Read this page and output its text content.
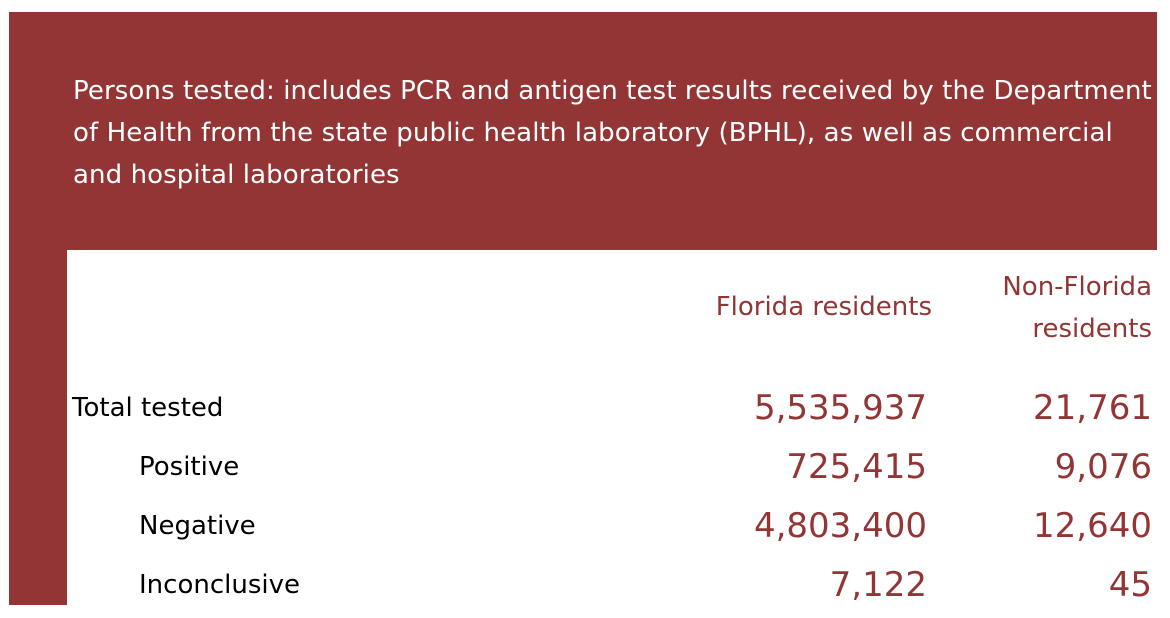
Persons tested: includes PCR and antigen test results received by the Department of Health from the state public health laboratory (BPHL), as well as commercial and hospital laboratories
Florida residents
Non-Florida residents
Total tested	5,535,937	21,761
Positive	725,415	9,076
Negative	4,803,400	12,640
Inconclusive	7,122	45
